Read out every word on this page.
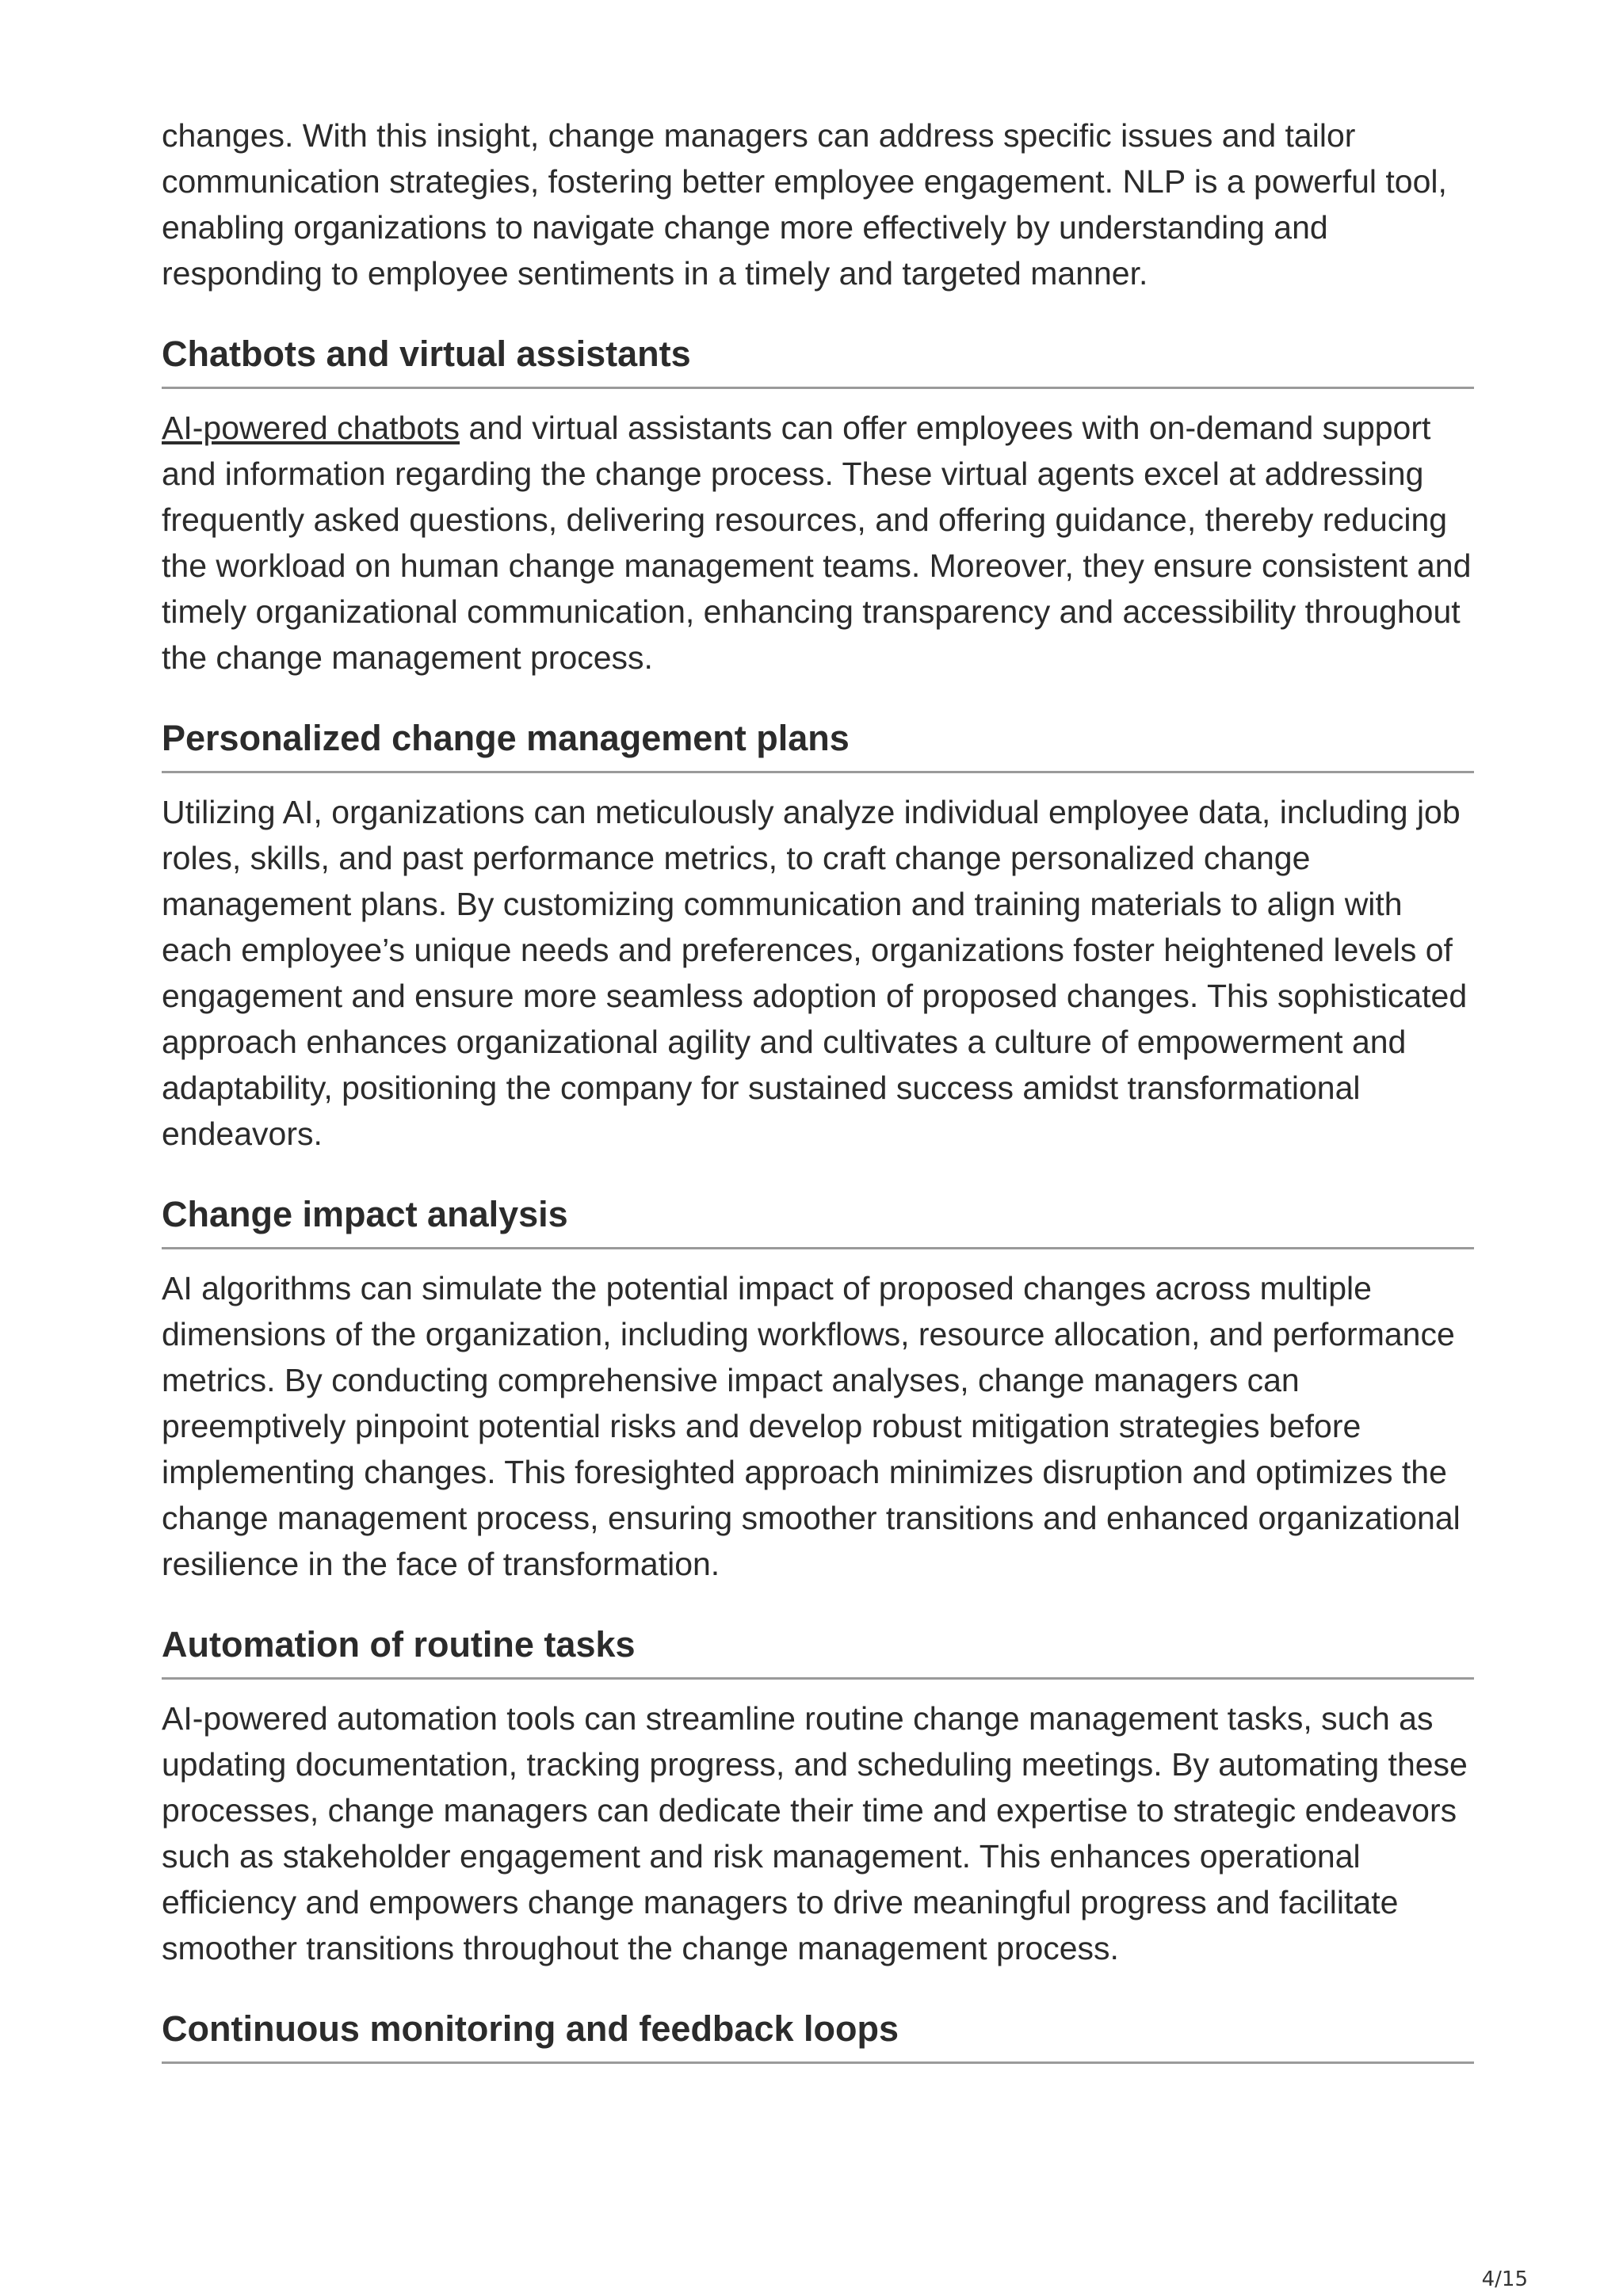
changes. With this insight, change managers can address specific issues and tailor communication strategies, fostering better employee engagement. NLP is a powerful tool, enabling organizations to navigate change more effectively by understanding and responding to employee sentiments in a timely and targeted manner.

Chatbots and virtual assistants

AI-powered chatbots and virtual assistants can offer employees with on-demand support and information regarding the change process. These virtual agents excel at addressing frequently asked questions, delivering resources, and offering guidance, thereby reducing the workload on human change management teams. Moreover, they ensure consistent and timely organizational communication, enhancing transparency and accessibility throughout the change management process.

Personalized change management plans

Utilizing AI, organizations can meticulously analyze individual employee data, including job roles, skills, and past performance metrics, to craft change personalized change management plans. By customizing communication and training materials to align with each employee’s unique needs and preferences, organizations foster heightened levels of engagement and ensure more seamless adoption of proposed changes. This sophisticated approach enhances organizational agility and cultivates a culture of empowerment and adaptability, positioning the company for sustained success amidst transformational endeavors.

Change impact analysis

AI algorithms can simulate the potential impact of proposed changes across multiple dimensions of the organization, including workflows, resource allocation, and performance metrics. By conducting comprehensive impact analyses, change managers can preemptively pinpoint potential risks and develop robust mitigation strategies before implementing changes. This foresighted approach minimizes disruption and optimizes the change management process, ensuring smoother transitions and enhanced organizational resilience in the face of transformation.

Automation of routine tasks

AI-powered automation tools can streamline routine change management tasks, such as updating documentation, tracking progress, and scheduling meetings. By automating these processes, change managers can dedicate their time and expertise to strategic endeavors such as stakeholder engagement and risk management. This enhances operational efficiency and empowers change managers to drive meaningful progress and facilitate smoother transitions throughout the change management process.

Continuous monitoring and feedback loops
4/15
